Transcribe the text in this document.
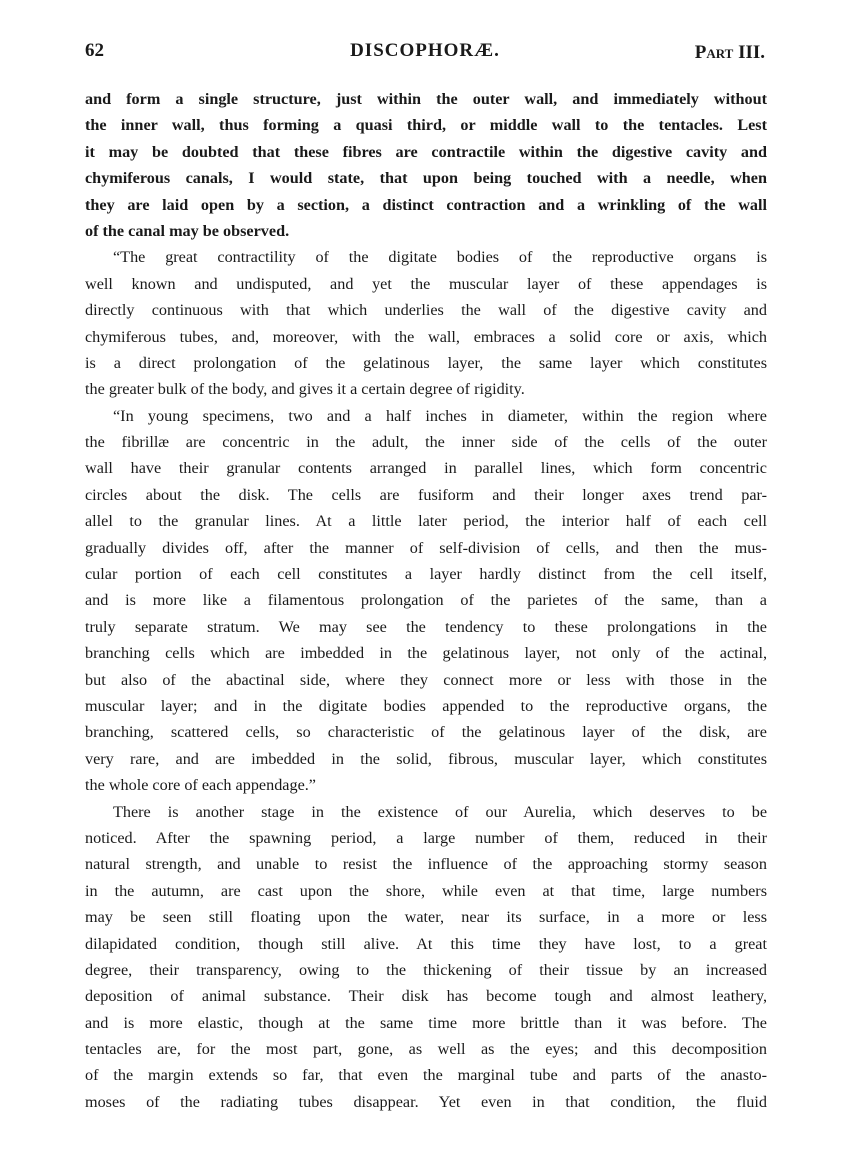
62	DISCOPHORÆ.	Part III.
and form a single structure, just within the outer wall, and immediately without
the inner wall, thus forming a quasi third, or middle wall to the tentacles. Lest
it may be doubted that these fibres are contractile within the digestive cavity and
chymiferous canals, I would state, that upon being touched with a needle, when
they are laid open by a section, a distinct contraction and a wrinkling of the wall
of the canal may be observed.
“The great contractility of the digitate bodies of the reproductive organs is
well known and undisputed, and yet the muscular layer of these appendages is
directly continuous with that which underlies the wall of the digestive cavity and
chymiferous tubes, and, moreover, with the wall, embraces a solid core or axis, which
is a direct prolongation of the gelatinous layer, the same layer which constitutes
the greater bulk of the body, and gives it a certain degree of rigidity.
“In young specimens, two and a half inches in diameter, within the region where
the fibrillæ are concentric in the adult, the inner side of the cells of the outer
wall have their granular contents arranged in parallel lines, which form concentric
circles about the disk. The cells are fusiform and their longer axes trend par-
allel to the granular lines. At a little later period, the interior half of each cell
gradually divides off, after the manner of self-division of cells, and then the mus-
cular portion of each cell constitutes a layer hardly distinct from the cell itself,
and is more like a filamentous prolongation of the parietes of the same, than a
truly separate stratum. We may see the tendency to these prolongations in the
branching cells which are imbedded in the gelatinous layer, not only of the actinal,
but also of the abactinal side, where they connect more or less with those in the
muscular layer; and in the digitate bodies appended to the reproductive organs, the
branching, scattered cells, so characteristic of the gelatinous layer of the disk, are
very rare, and are imbedded in the solid, fibrous, muscular layer, which constitutes
the whole core of each appendage.”
There is another stage in the existence of our Aurelia, which deserves to be
noticed. After the spawning period, a large number of them, reduced in their
natural strength, and unable to resist the influence of the approaching stormy season
in the autumn, are cast upon the shore, while even at that time, large numbers
may be seen still floating upon the water, near its surface, in a more or less
dilapidated condition, though still alive. At this time they have lost, to a great
degree, their transparency, owing to the thickening of their tissue by an increased
deposition of animal substance. Their disk has become tough and almost leathery,
and is more elastic, though at the same time more brittle than it was before. The
tentacles are, for the most part, gone, as well as the eyes; and this decomposition
of the margin extends so far, that even the marginal tube and parts of the anasto-
moses of the radiating tubes disappear. Yet even in that condition, the fluid
